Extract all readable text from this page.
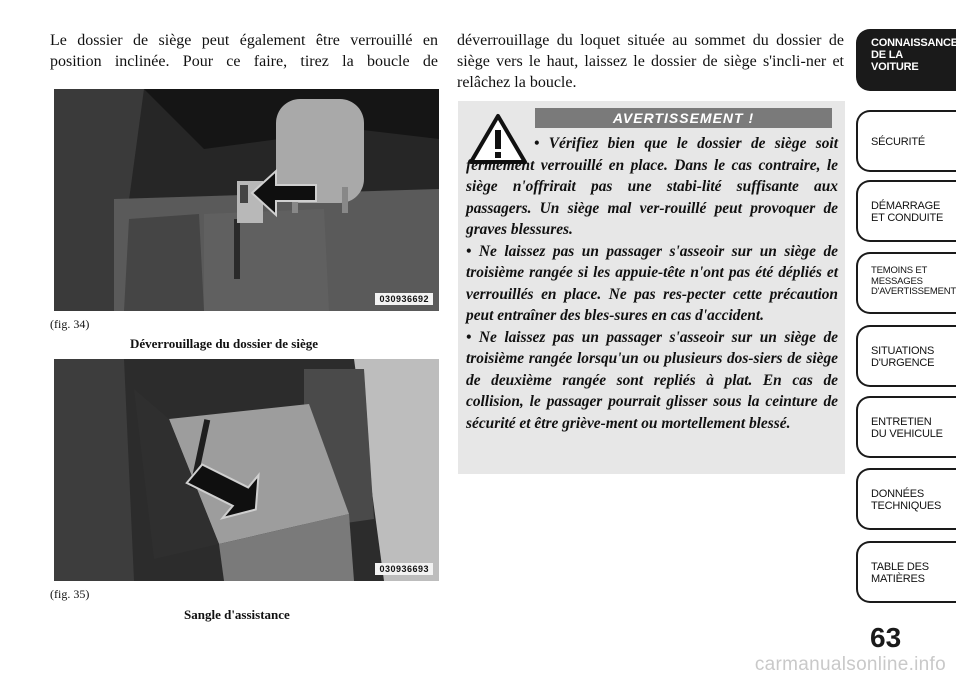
Le dossier de siège peut également être verrouillé en position inclinée. Pour ce faire, tirez la boucle de

déverrouillage du loquet située au sommet du dossier de siège vers le haut, laissez le dossier de siège s'incli-ner et relâchez la boucle.

030936692
(fig. 34)
Déverrouillage du dossier de siège
030936693
(fig. 35)
Sangle d'assistance
AVERTISSEMENT !
• Vérifiez bien que le dossier de siège soit fermement verrouillé en place. Dans le cas contraire, le siège n'offrirait pas une stabi-lité suffisante aux passagers. Un siège mal ver-rouillé peut provoquer de graves blessures.
• Ne laissez pas un passager s'asseoir sur un siège de troisième rangée si les appuie-tête n'ont pas été dépliés et verrouillés en place. Ne pas res-pecter cette précaution peut entraîner des bles-sures en cas d'accident.
• Ne laissez pas un passager s'asseoir sur un siège de troisième rangée lorsqu'un ou plusieurs dos-siers de siège de deuxième rangée sont repliés à plat. En cas de collision, le passager pourrait glisser sous la ceinture de sécurité et être griève-ment ou mortellement blessé.
CONNAISSANCE
DE LA VOITURE
SÉCURITÉ
DÉMARRAGE
ET CONDUITE
TEMOINS ET
MESSAGES
D'AVERTISSEMENT
SITUATIONS
D'URGENCE
ENTRETIEN
DU VEHICULE
DONNÉES
TECHNIQUES
TABLE DES
MATIÈRES
63
carmanualsonline.info
